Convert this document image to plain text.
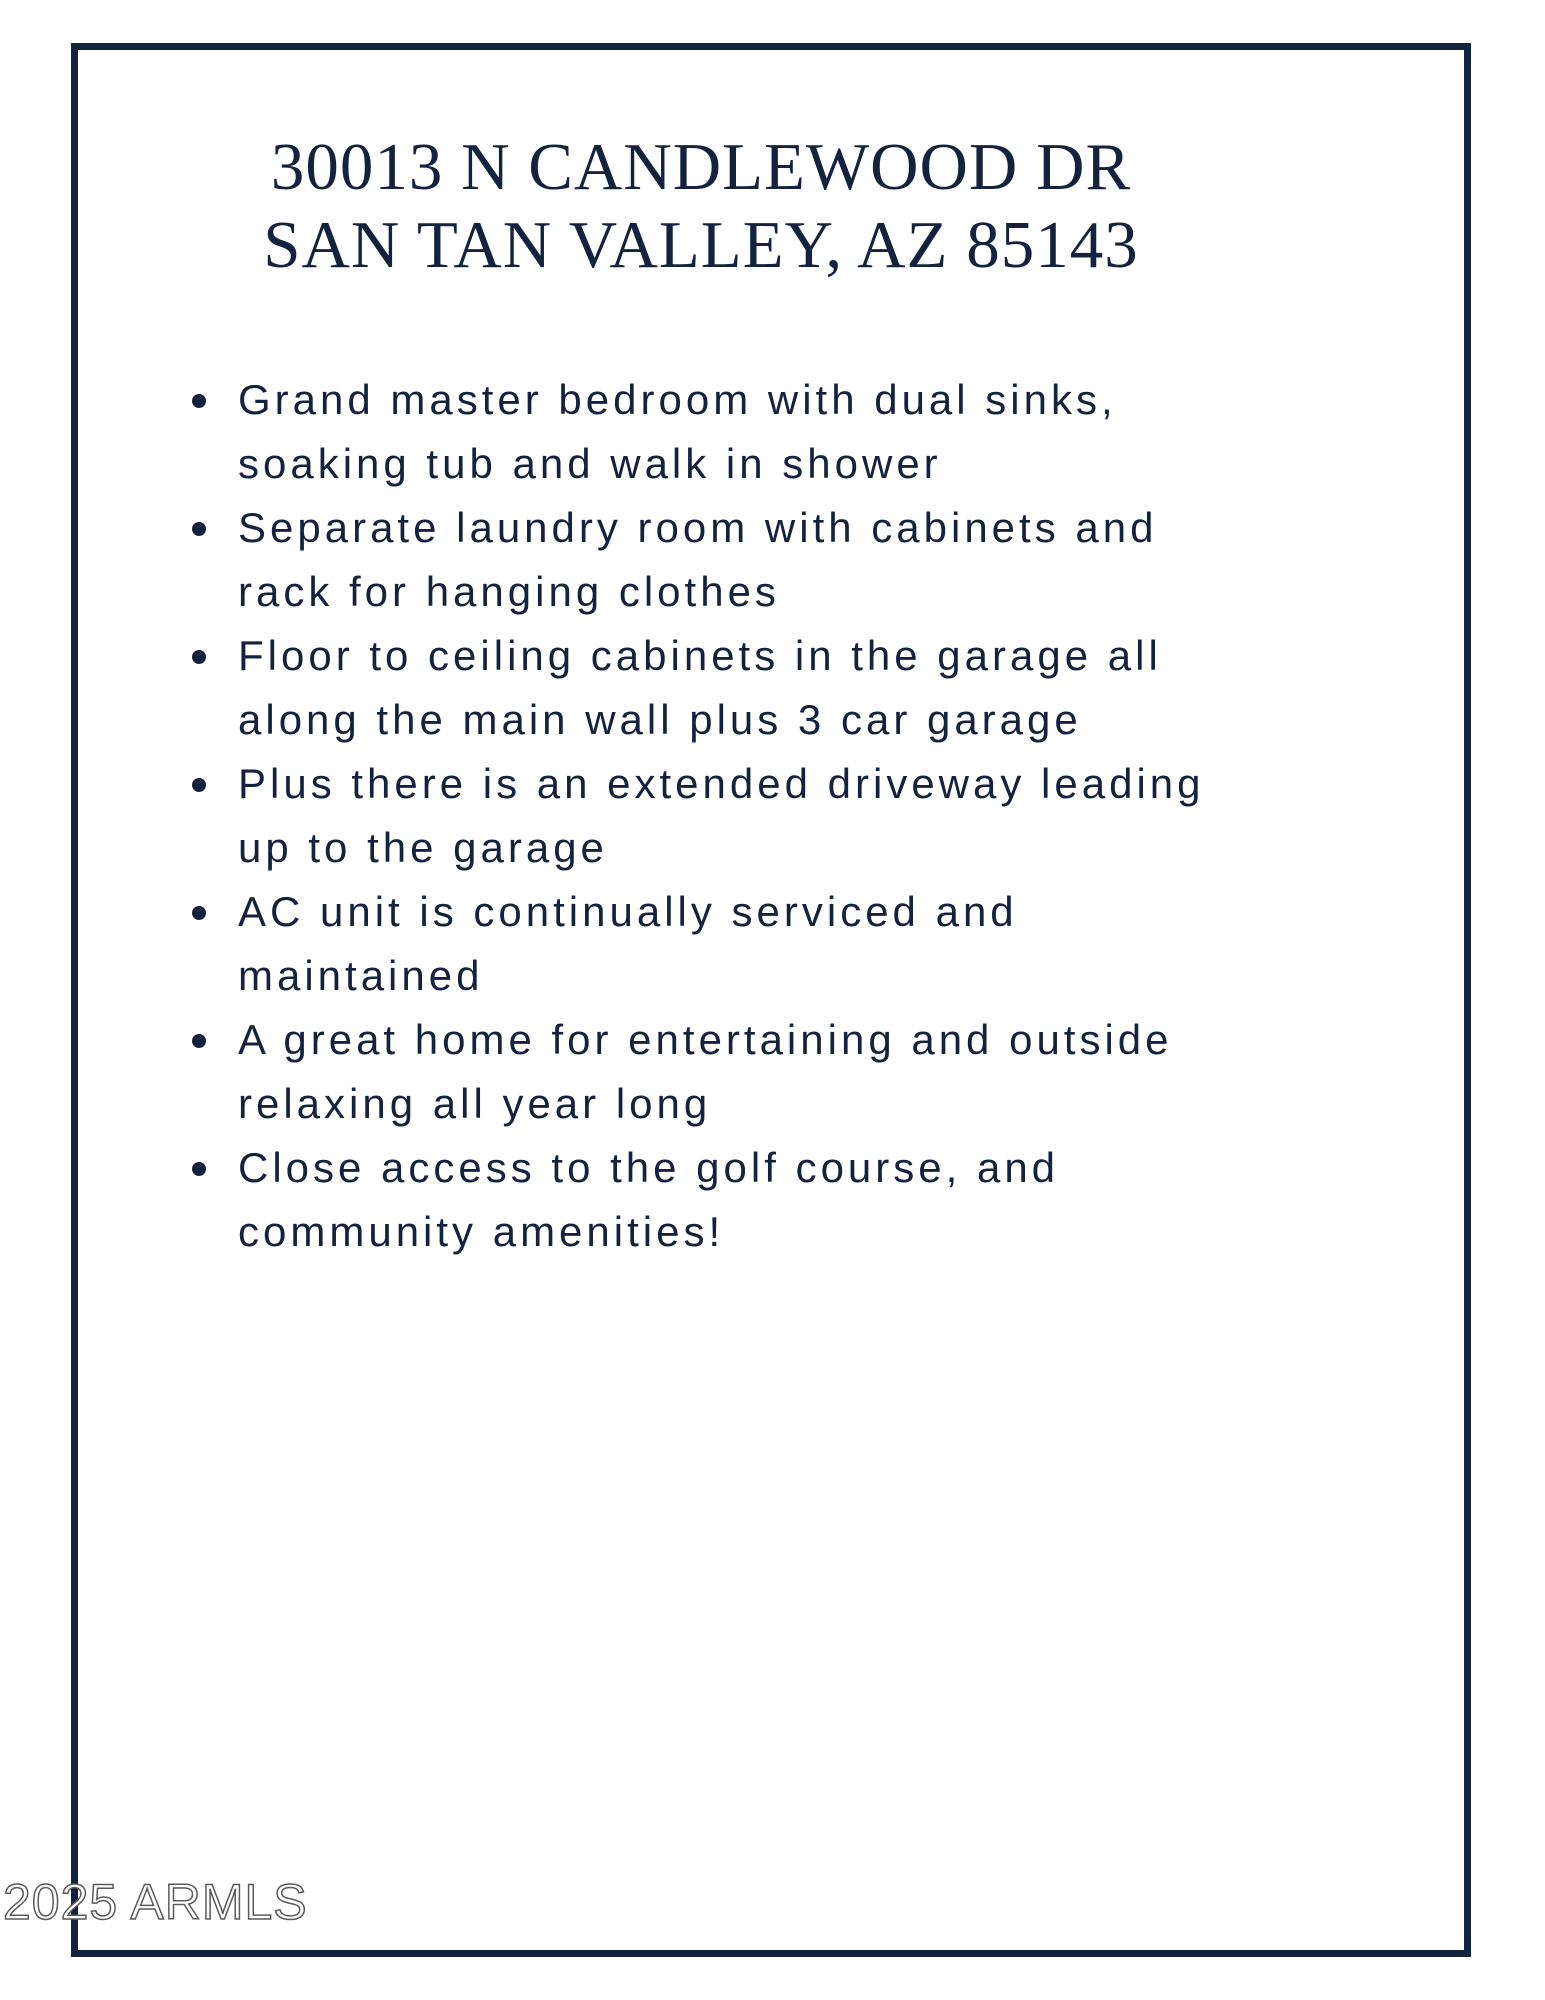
30013 N CANDLEWOOD DR
SAN TAN VALLEY, AZ 85143
Grand master bedroom with dual sinks,
soaking tub and walk in shower
Separate laundry room with cabinets and
rack for hanging clothes
Floor to ceiling cabinets in the garage all
along the main wall plus 3 car garage
Plus there is an extended driveway leading
up to the garage
AC unit is continually serviced and
maintained
A great home for entertaining and outside
relaxing all year long
Close access to the golf course, and
community amenities!
2025 ARMLS
